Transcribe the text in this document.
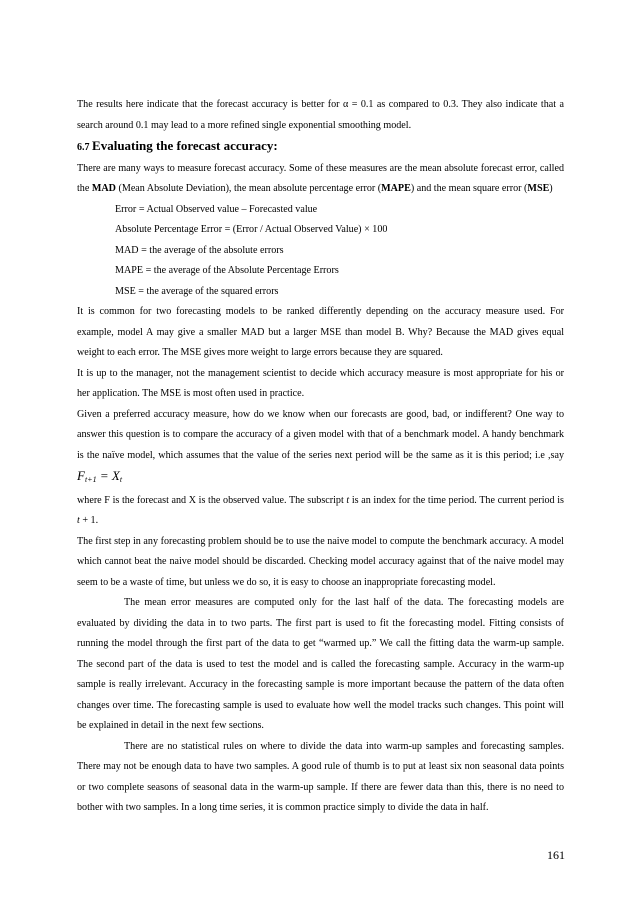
The results here indicate that the forecast accuracy is better for α = 0.1 as compared to 0.3. They also indicate that a search around 0.1 may lead to a more refined single exponential smoothing model.

6.7 Evaluating the forecast accuracy:

There are many ways to measure forecast accuracy. Some of these measures are the mean absolute forecast error, called the MAD (Mean Absolute Deviation), the mean absolute percentage error (MAPE) and the mean square error (MSE)

Error = Actual Observed value – Forecasted value

Absolute Percentage Error = (Error / Actual Observed Value) × 100

MAD = the average of the absolute errors

MAPE = the average of the Absolute Percentage Errors

MSE = the average of the squared errors

It is common for two forecasting models to be ranked differently depending on the accuracy measure used. For example, model A may give a smaller MAD but a larger MSE than model B. Why? Because the MAD gives equal weight to each error. The MSE gives more weight to large errors because they are squared.

It is up to the manager, not the management scientist to decide which accuracy measure is most appropriate for his or her application. The MSE is most often used in practice.

Given a preferred accuracy measure, how do we know when our forecasts are good, bad, or indifferent? One way to answer this question is to compare the accuracy of a given model with that of a benchmark model. A handy benchmark is the naïve model, which assumes that the value of the series next period will be the same as it is this period; i.e ,say $F_{t+1} = X_t$

where F is the forecast and X is the observed value. The subscript t is an index for the time period. The current period is t + 1.

The first step in any forecasting problem should be to use the naive model to compute the benchmark accuracy. A model which cannot beat the naive model should be discarded. Checking model accuracy against that of the naive model may seem to be a waste of time, but unless we do so, it is easy to choose an inappropriate forecasting model.

The mean error measures are computed only for the last half of the data. The forecasting models are evaluated by dividing the data in to two parts. The first part is used to fit the forecasting model. Fitting consists of running the model through the first part of the data to get “warmed up.” We call the fitting data the warm-up sample. The second part of the data is used to test the model and is called the forecasting sample. Accuracy in the warm-up sample is really irrelevant. Accuracy in the forecasting sample is more important because the pattern of the data often changes over time. The forecasting sample is used to evaluate how well the model tracks such changes. This point will be explained in detail in the next few sections.

There are no statistical rules on where to divide the data into warm-up samples and forecasting samples. There may not be enough data to have two samples. A good rule of thumb is to put at least six non seasonal data points or two complete seasons of seasonal data in the warm-up sample. If there are fewer data than this, there is no need to bother with two samples. In a long time series, it is common practice simply to divide the data in half.

161
